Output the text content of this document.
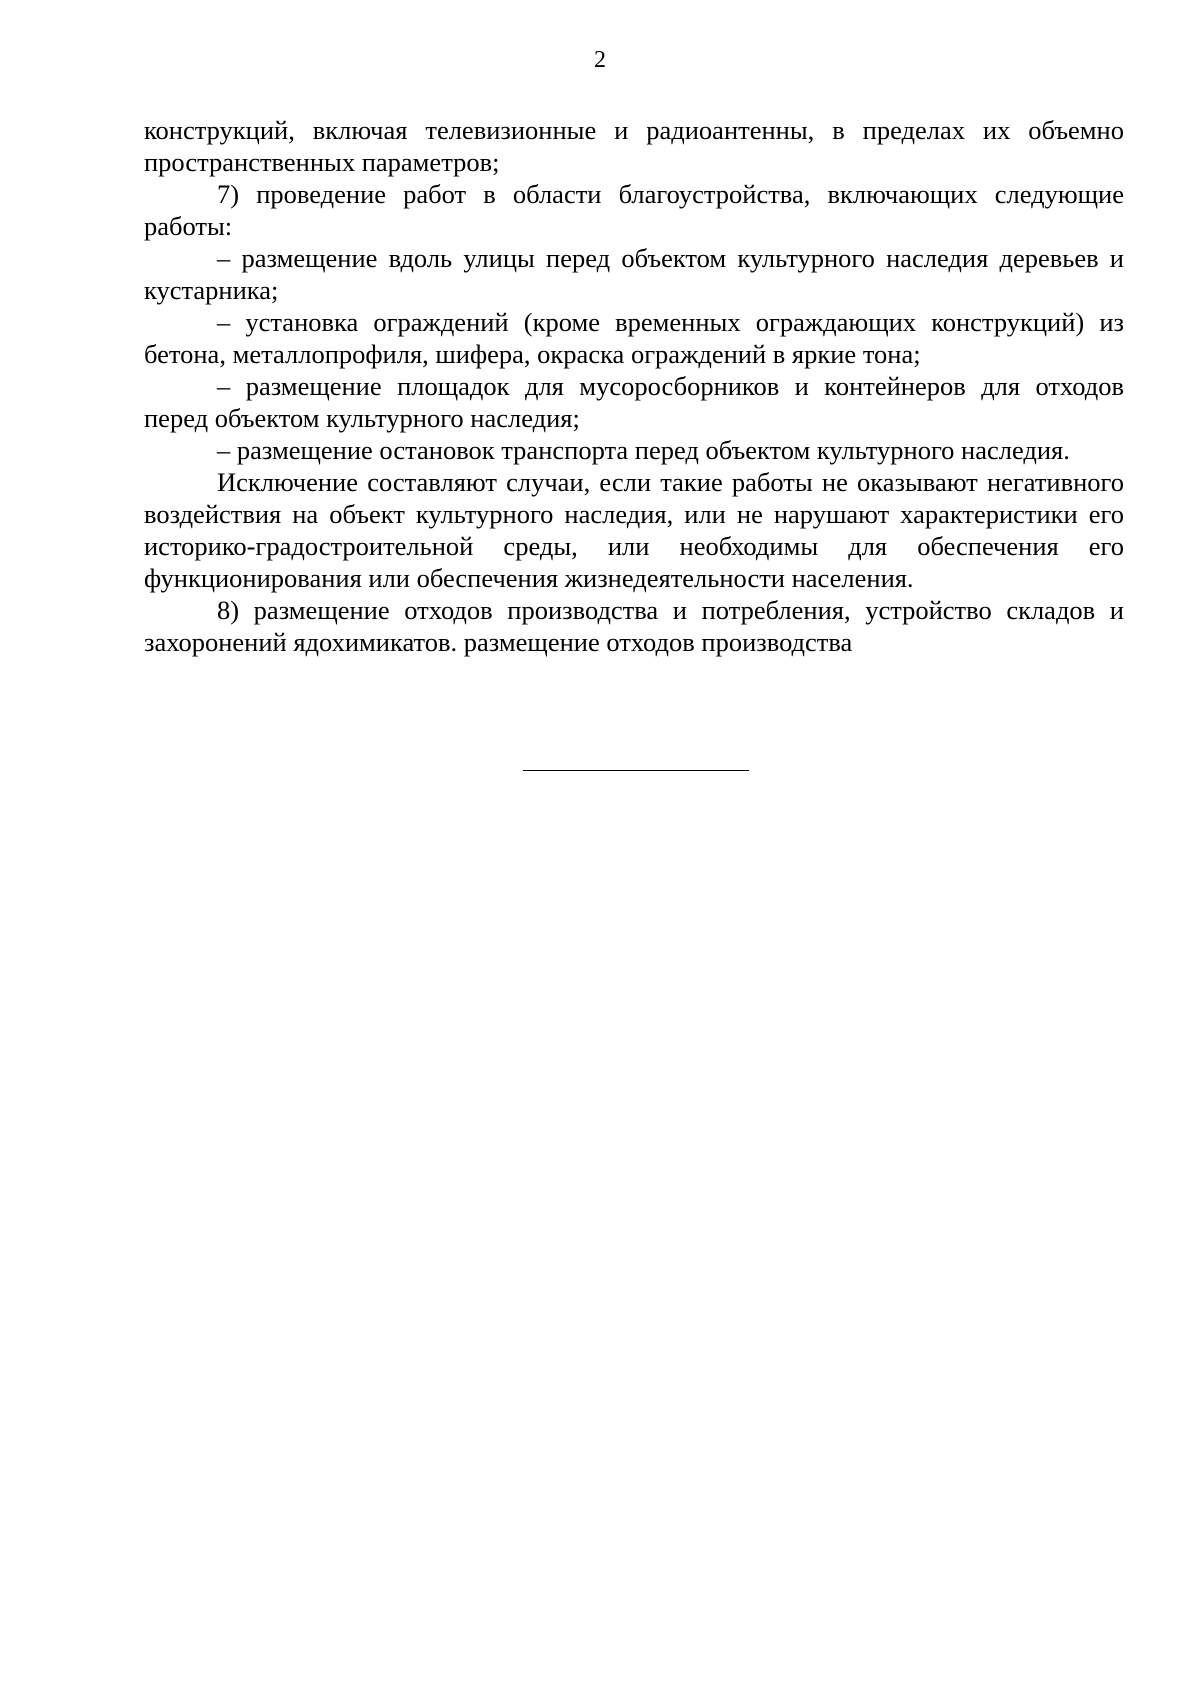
2

конструкций, включая телевизионные и радиоантенны, в пределах их объемно пространственных параметров;

7) проведение работ в области благоустройства, включающих следующие работы:

– размещение вдоль улицы перед объектом культурного наследия деревьев и кустарника;

– установка ограждений (кроме временных ограждающих конструкций) из бетона, металлопрофиля, шифера, окраска ограждений в яркие тона;

– размещение площадок для мусоросборников и контейнеров для отходов перед объектом культурного наследия;

– размещение остановок транспорта перед объектом культурного наследия.

Исключение составляют случаи, если такие работы не оказывают негативного воздействия на объект культурного наследия, или не нарушают характеристики его историко-градостроительной среды, или необходимы для обеспечения его функционирования или обеспечения жизнедеятельности населения.

8) размещение отходов производства и потребления, устройство складов и захоронений ядохимикатов. размещение отходов производства
